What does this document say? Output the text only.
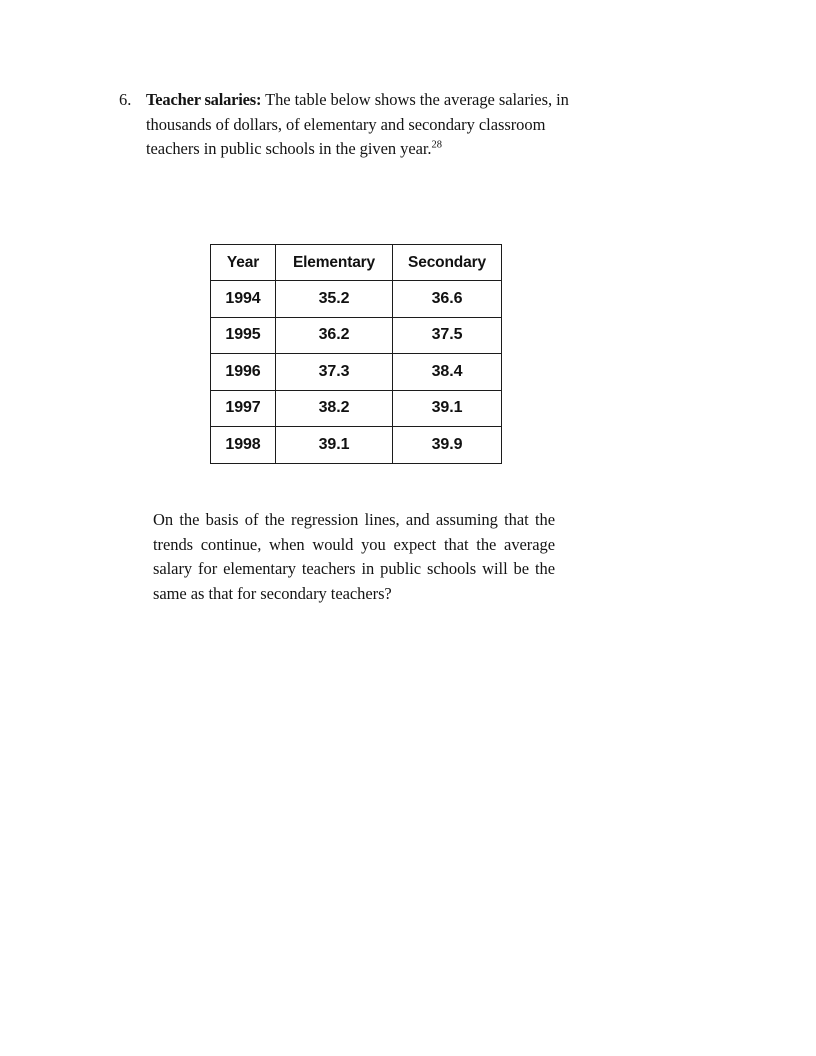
6. Teacher salaries: The table below shows the average salaries, in thousands of dollars, of elementary and secondary classroom teachers in public schools in the given year.$^{28}$
Year	Elementary	Secondary
1994	35.2	36.6
1995	36.2	37.5
1996	37.3	38.4
1997	38.2	39.1
1998	39.1	39.9

On the basis of the regression lines, and assuming that the trends continue, when would you expect that the average salary for elementary teachers in public schools will be the same as that for secondary teachers?
